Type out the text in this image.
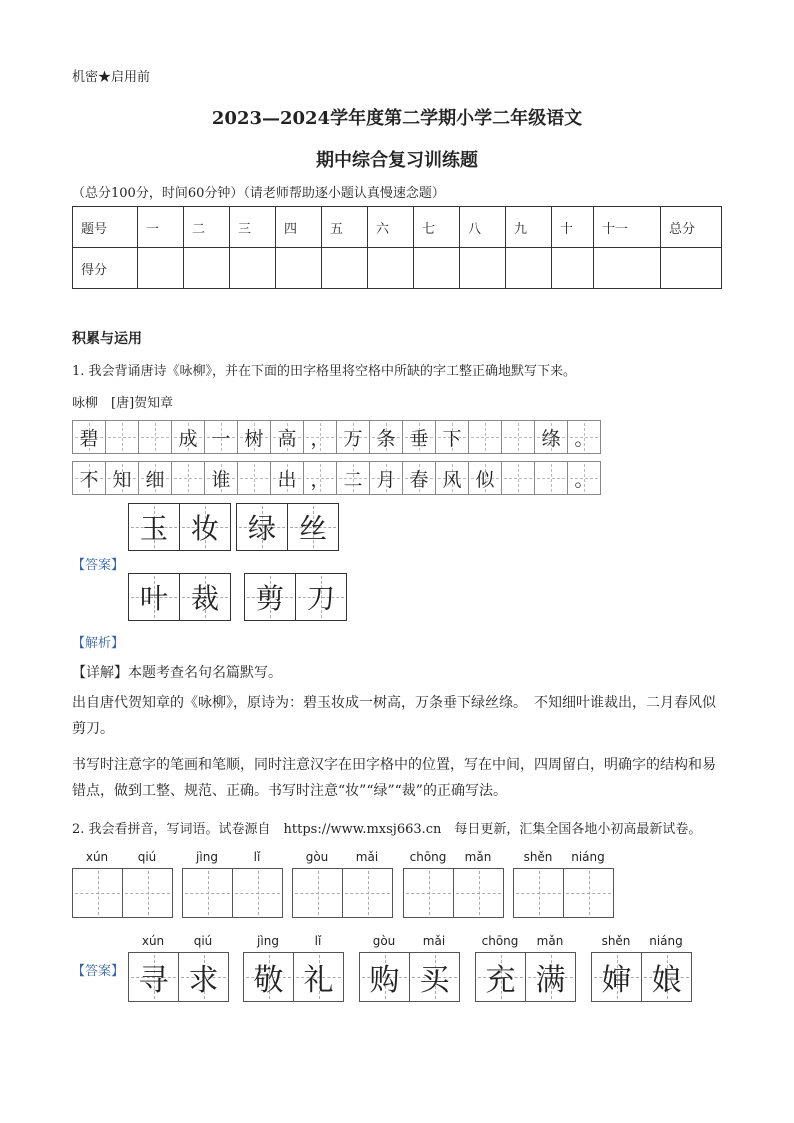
机密★启用前
2023—2024学年度第二学期小学二年级语文
期中综合复习训练题
（总分100分，时间60分钟）（请老师帮助逐小题认真慢速念题）
题号	一	二	三	四	五	六	七	八	九	十	十一	总分
得分												
积累与运用
1. 我会背诵唐诗《咏柳》，并在下面的田字格里将空格中所缺的字工整正确地默写下来。
咏柳　[唐]贺知章
碧	成 一 树 高 ， 万 条 垂 下	绦 。
不 知 细 谁 出 ， 二 月 春 风 似	。
玉 妆 绿 丝
【答案】
叶 裁 剪 刀
【解析】
【详解】本题考查名句名篇默写。
出自唐代贺知章的《咏柳》，原诗为：碧玉妆成一树高，万条垂下绿丝绦。　不知细叶谁裁出，二月春风似剪刀。
书写时注意字的笔画和笔顺，同时注意汉字在田字格中的位置，写在中间，四周留白，明确字的结构和易错点，做到工整、规范、正确。书写时注意“妆”“绿”“裁”的正确写法。
2. 我会看拼音，写词语。试卷源自　https://www.mxsj663.cn　每日更新，汇集全国各地小初高最新试卷。
xún	qiú	jìng	lǐ	gòu	mǎi	chōng	mǎn	shěn	niáng
【答案】
xún	qiú
寻 求
jìng	lǐ
敬 礼
gòu	mǎi
购 买
chōng	mǎn
充 满
shěn	niáng
婶 娘
